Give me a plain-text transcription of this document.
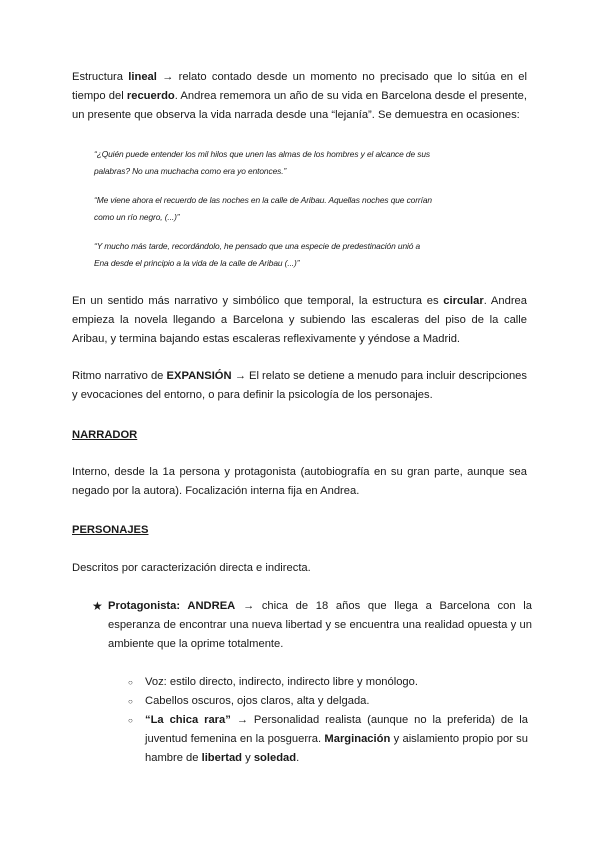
Estructura lineal → relato contado desde un momento no precisado que lo sitúa en el
tiempo del recuerdo. Andrea rememora un año de su vida en Barcelona desde el presente,
un presente que observa la vida narrada desde una “lejanía”. Se demuestra en ocasiones:
“¿Quién puede entender los mil hilos que unen las almas de los hombres y el alcance de sus
palabras? No una muchacha como era yo entonces.”
“Me viene ahora el recuerdo de las noches en la calle de Aribau. Aquellas noches que corrían
como un río negro, (...)”
“Y mucho más tarde, recordándolo, he pensado que una especie de predestinación unió a
Ena desde el principio a la vida de la calle de Aribau (...)”

En un sentido más narrativo y simbólico que temporal, la estructura es circular. Andrea empieza la novela llegando a Barcelona y subiendo las escaleras del piso de la calle Aribau, y termina bajando estas escaleras reflexivamente y yéndose a Madrid.

Ritmo narrativo de EXPANSIÓN → El relato se detiene a menudo para incluir descripciones y evocaciones del entorno, o para definir la psicología de los personajes.

NARRADOR

Interno, desde la 1a persona y protagonista (autobiografía en su gran parte, aunque sea negado por la autora). Focalización interna fija en Andrea.

PERSONAJES

Descritos por caracterización directa e indirecta.

★ Protagonista: ANDREA → chica de 18 años que llega a Barcelona con la esperanza de encontrar una nueva libertad y se encuentra una realidad opuesta y un ambiente que la oprime totalmente.

○ Voz: estilo directo, indirecto, indirecto libre y monólogo.

○ Cabellos oscuros, ojos claros, alta y delgada.

○ “La chica rara” → Personalidad realista (aunque no la preferida) de la juventud femenina en la posguerra. Marginación y aislamiento propio por su hambre de libertad y soledad.
